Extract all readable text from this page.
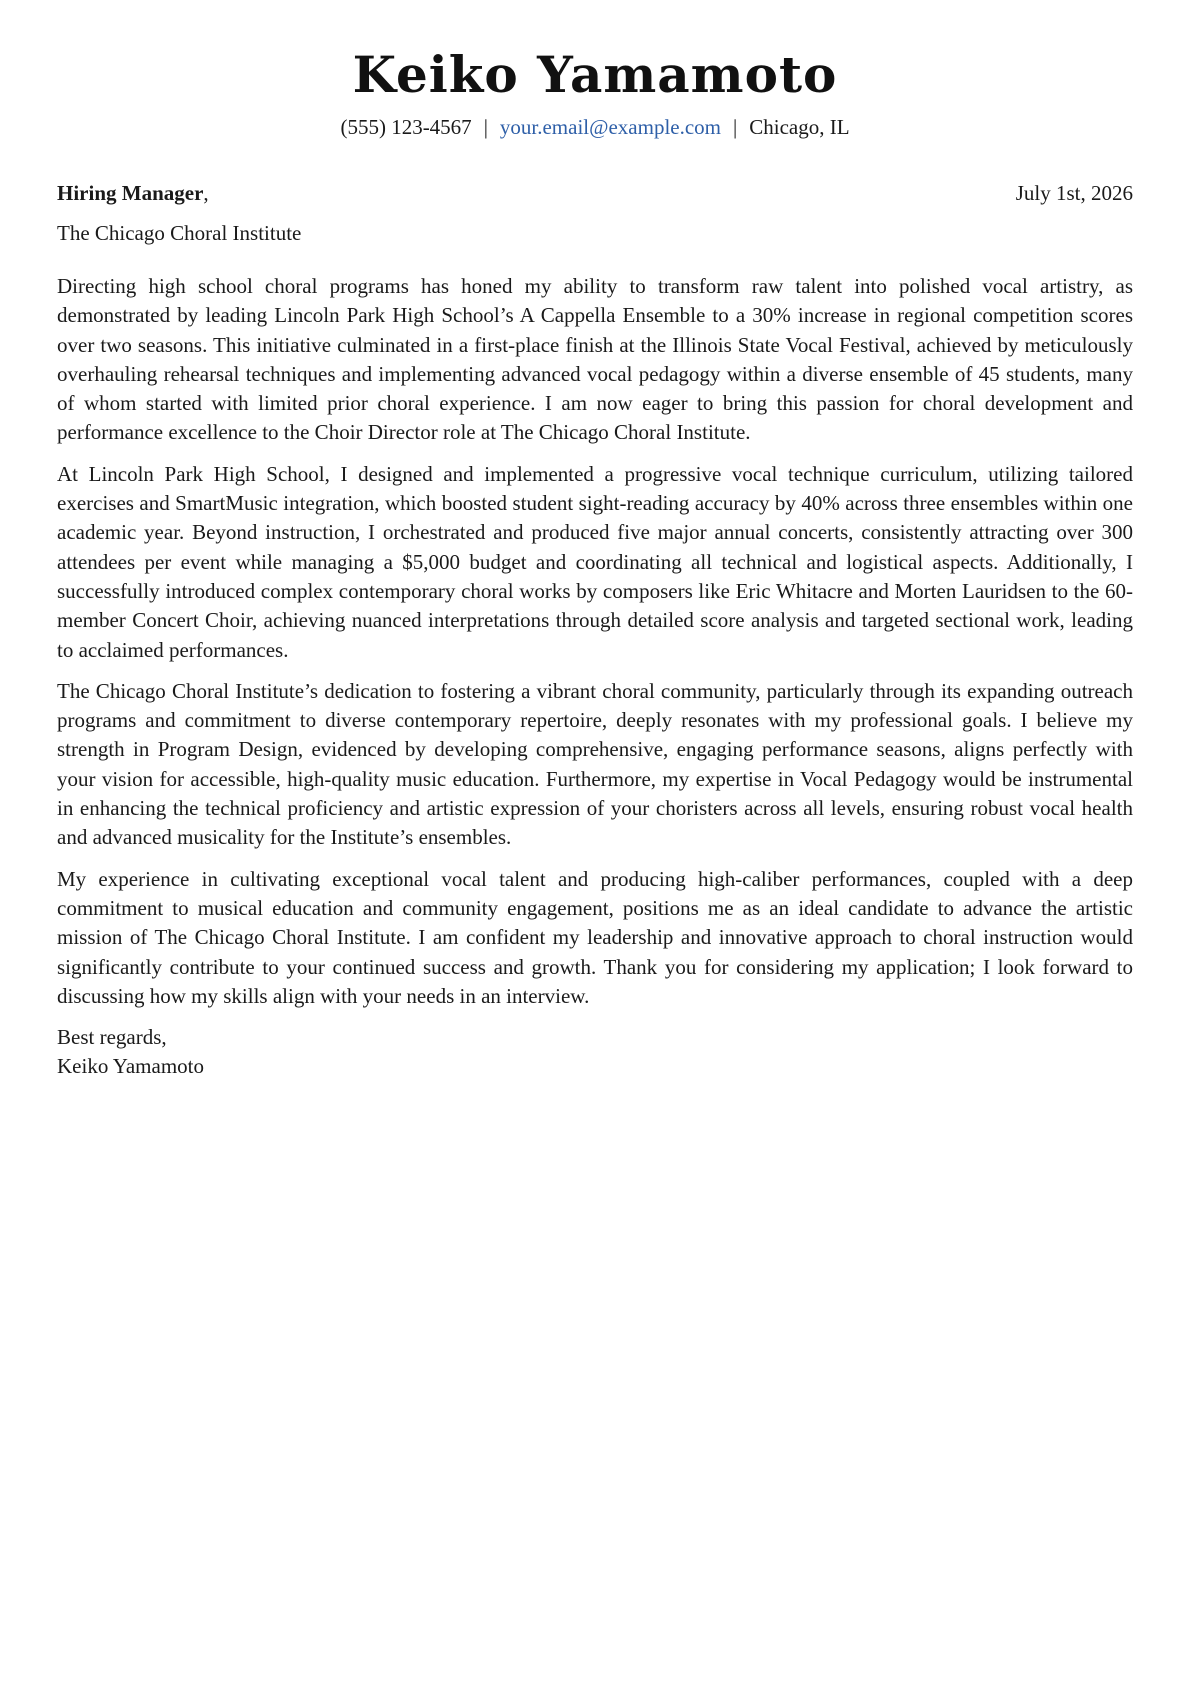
Keiko Yamamoto
(555) 123-4567 | your.email@example.com | Chicago, IL
Hiring Manager,	July 1st, 2026
The Chicago Choral Institute

Directing high school choral programs has honed my ability to transform raw talent into polished vocal artistry, as demonstrated by leading Lincoln Park High School’s A Cappella Ensemble to a 30% increase in regional competition scores over two seasons. This initiative culminated in a first-place finish at the Illinois State Vocal Festival, achieved by meticulously overhauling rehearsal techniques and implementing advanced vocal pedagogy within a diverse ensemble of 45 students, many of whom started with limited prior choral experience. I am now eager to bring this passion for choral development and performance excellence to the Choir Director role at The Chicago Choral Institute.

At Lincoln Park High School, I designed and implemented a progressive vocal technique curriculum, utilizing tailored exercises and SmartMusic integration, which boosted student sight-reading accuracy by 40% across three ensembles within one academic year. Beyond instruction, I orchestrated and produced five major annual concerts, consistently attracting over 300 attendees per event while managing a $5,000 budget and coordinating all technical and logistical aspects. Additionally, I successfully introduced complex contemporary choral works by composers like Eric Whitacre and Morten Lauridsen to the 60-member Concert Choir, achieving nuanced interpretations through detailed score analysis and targeted sectional work, leading to acclaimed performances.

The Chicago Choral Institute’s dedication to fostering a vibrant choral community, particularly through its expanding outreach programs and commitment to diverse contemporary repertoire, deeply resonates with my professional goals. I believe my strength in Program Design, evidenced by developing comprehensive, engaging performance seasons, aligns perfectly with your vision for accessible, high-quality music education. Furthermore, my expertise in Vocal Pedagogy would be instrumental in enhancing the technical proficiency and artistic expression of your choristers across all levels, ensuring robust vocal health and advanced musicality for the Institute’s ensembles.

My experience in cultivating exceptional vocal talent and producing high-caliber performances, coupled with a deep commitment to musical education and community engagement, positions me as an ideal candidate to advance the artistic mission of The Chicago Choral Institute. I am confident my leadership and innovative approach to choral instruction would significantly contribute to your continued success and growth. Thank you for considering my application; I look forward to discussing how my skills align with your needs in an interview.

Best regards,
Keiko Yamamoto
